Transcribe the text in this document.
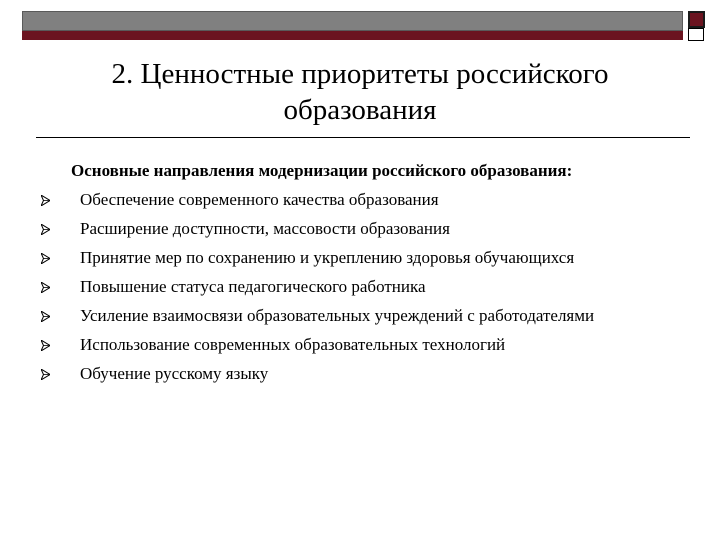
2. Ценностные приоритеты российского
образования
Основные направления модернизации российского образования:
Обеспечение современного качества образования
Расширение доступности, массовости образования
Принятие мер по сохранению и укреплению здоровья обучающихся
Повышение статуса педагогического работника
Усиление взаимосвязи образовательных учреждений с работодателями
Использование современных образовательных технологий
Обучение русскому языку
